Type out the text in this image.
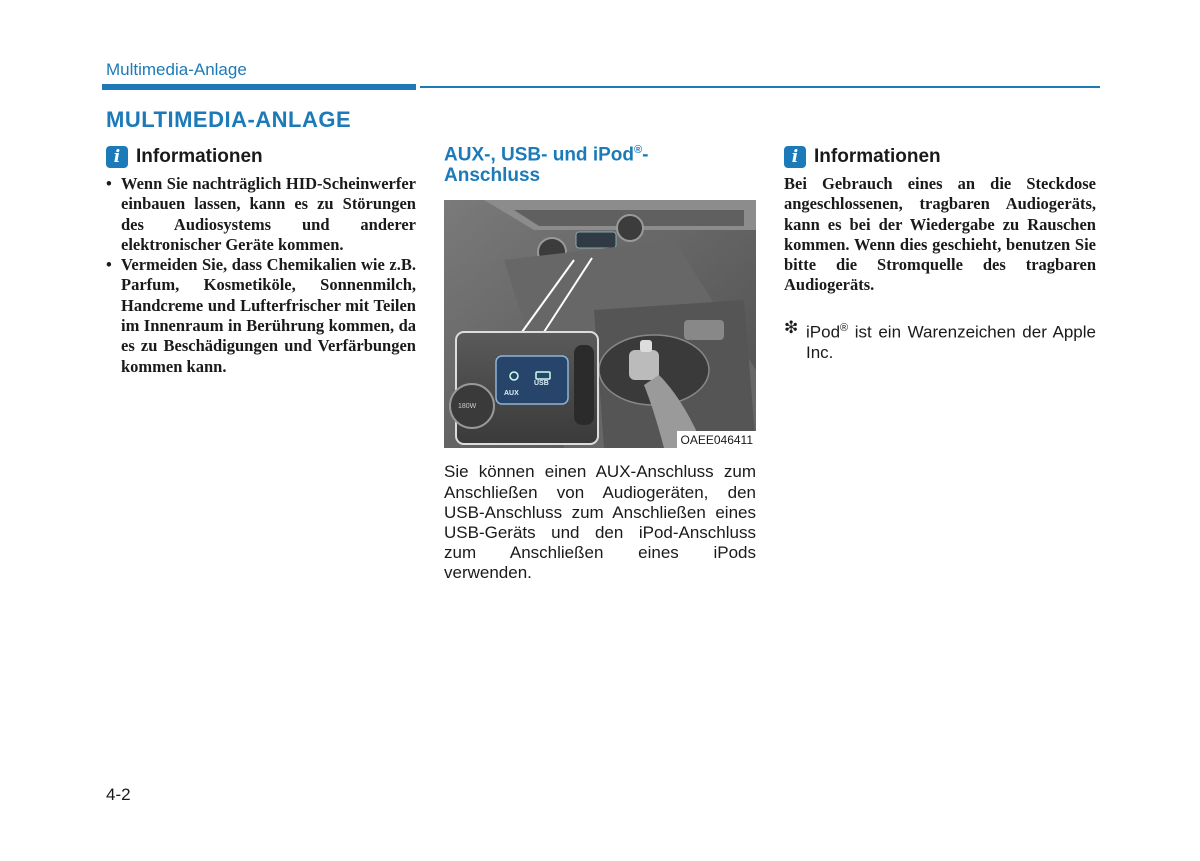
Multimedia-Anlage
MULTIMEDIA-ANLAGE
i Informationen
• Wenn Sie nachträglich HID-Scheinwerfer einbauen lassen, kann es zu Störungen des Audiosystems und anderer elektronischer Geräte kommen.
• Vermeiden Sie, dass Chemikalien wie z.B. Parfum, Kosmetiköle, Sonnenmilch, Handcreme und Lufterfrischer mit Teilen im Innenraum in Berührung kommen, da es zu Beschädigungen und Verfärbungen kommen kann.
AUX-, USB- und iPod®-
Anschluss
AUX
USB
180W
OAEE046411

Sie können einen AUX-Anschluss zum Anschließen von Audiogeräten, den USB-Anschluss zum Anschließen eines USB-Geräts und den iPod-Anschluss zum Anschließen eines iPods verwenden.

i Informationen

Bei Gebrauch eines an die Steckdose angeschlossenen, tragbaren Audiogeräts, kann es bei der Wiedergabe zu Rauschen kommen. Wenn dies geschieht, benutzen Sie bitte die Stromquelle des tragbaren Audiogeräts.

❇ iPod® ist ein Warenzeichen der Apple Inc.
4-2
